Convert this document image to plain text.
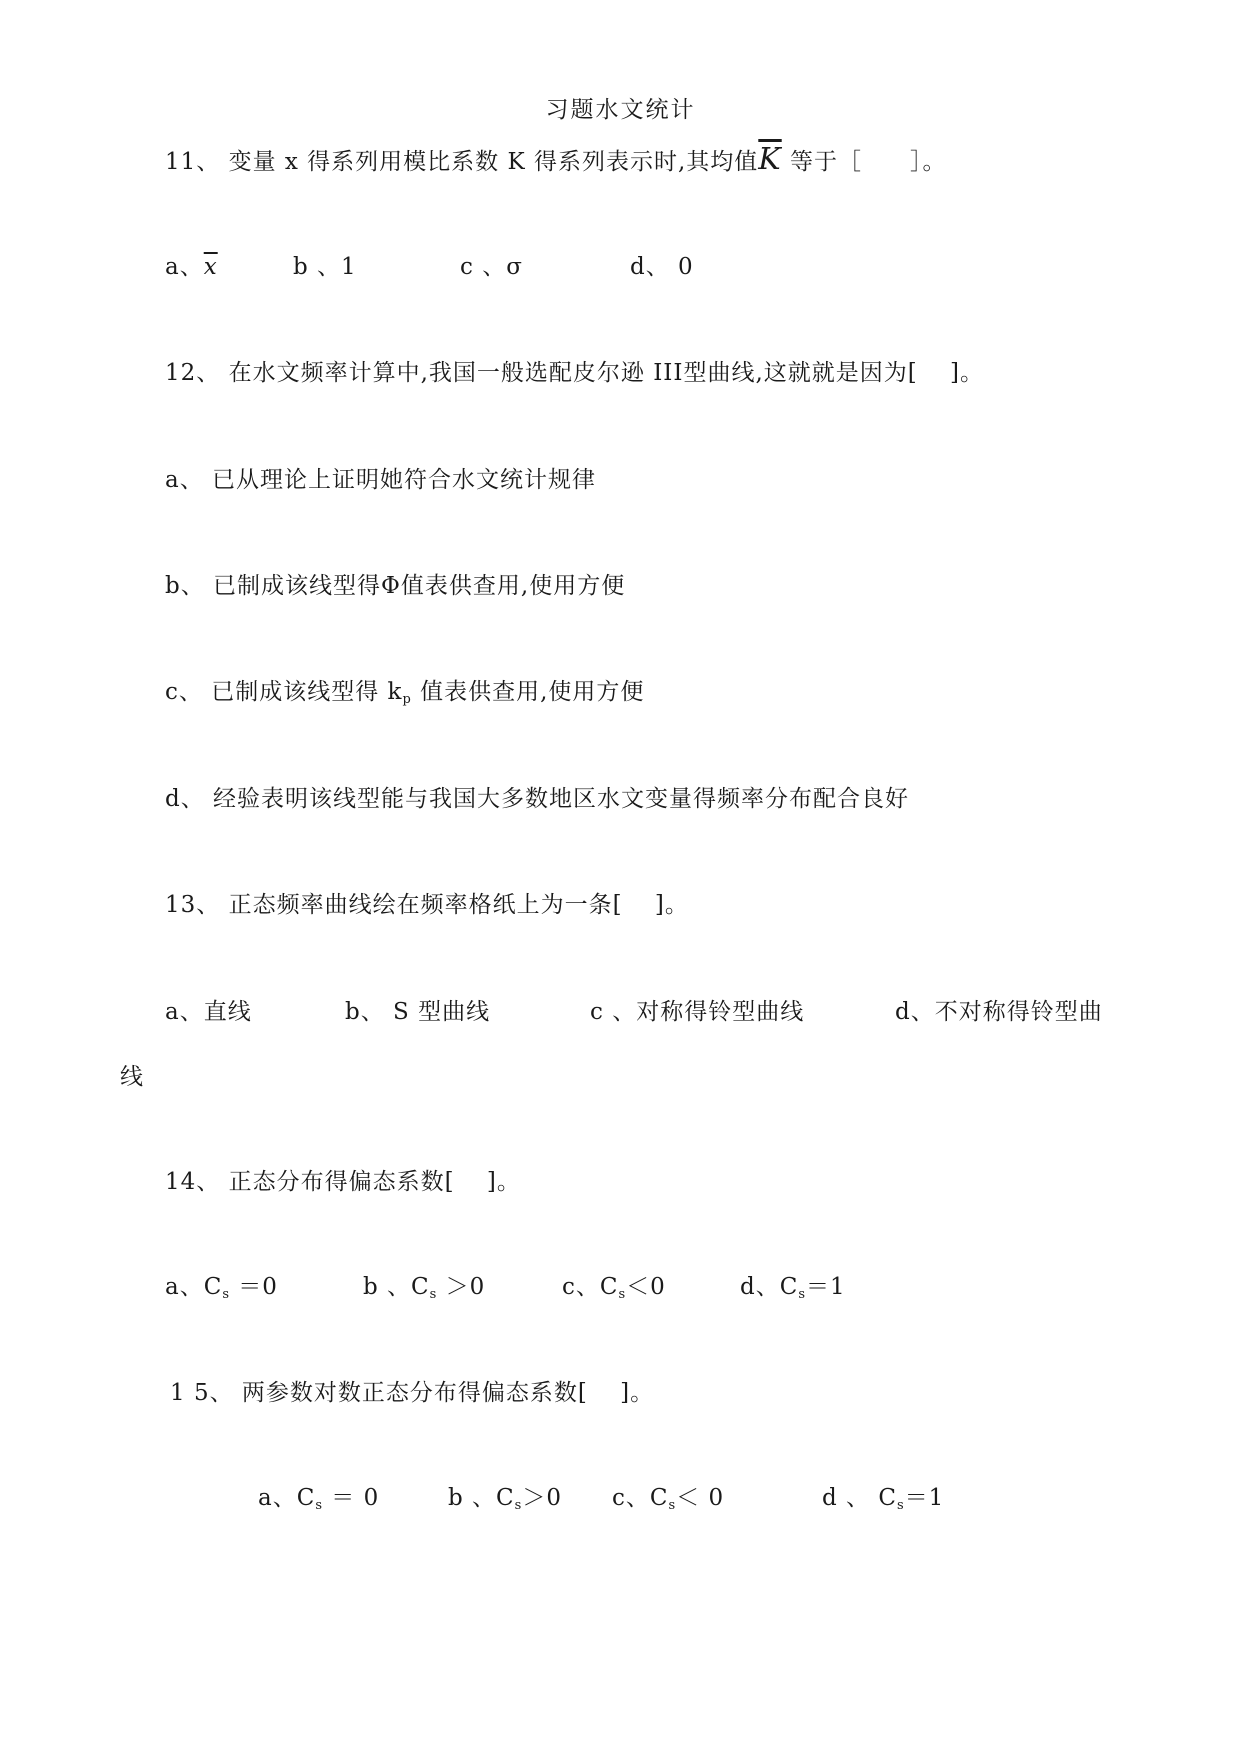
习题水文统计
11、 变量 x 得系列用模比系数 K 得系列表示时,其均值$\overline{K}$ 等于［　　］。
a、$\overline{x}$	b 、1	c 、σ	d、 0
12、 在水文频率计算中,我国一般选配皮尔逊 IIⅠ型曲线,这就就是因为[　 ]。
a、 已从理论上证明她符合水文统计规律
b、 已制成该线型得Φ值表供查用,使用方便
c、 已制成该线型得 $k_p$ 值表供查用,使用方便
d、 经验表明该线型能与我国大多数地区水文变量得频率分布配合良好
13、 正态频率曲线绘在频率格纸上为一条[　 ]。
a、直线	b、 S 型曲线	c 、对称得铃型曲线	d、不对称得铃型曲
线
14、 正态分布得偏态系数[　 ]。
a、$C_s =0$	b 、$C_s >0$	c、$C_s<0$	d、$C_s=1$
1 5、 两参数对数正态分布得偏态系数[　 ]。
a、$C_s = 0$	b 、$C_s>0$ c、$C_s< 0$	d 、 $C_s=1$
